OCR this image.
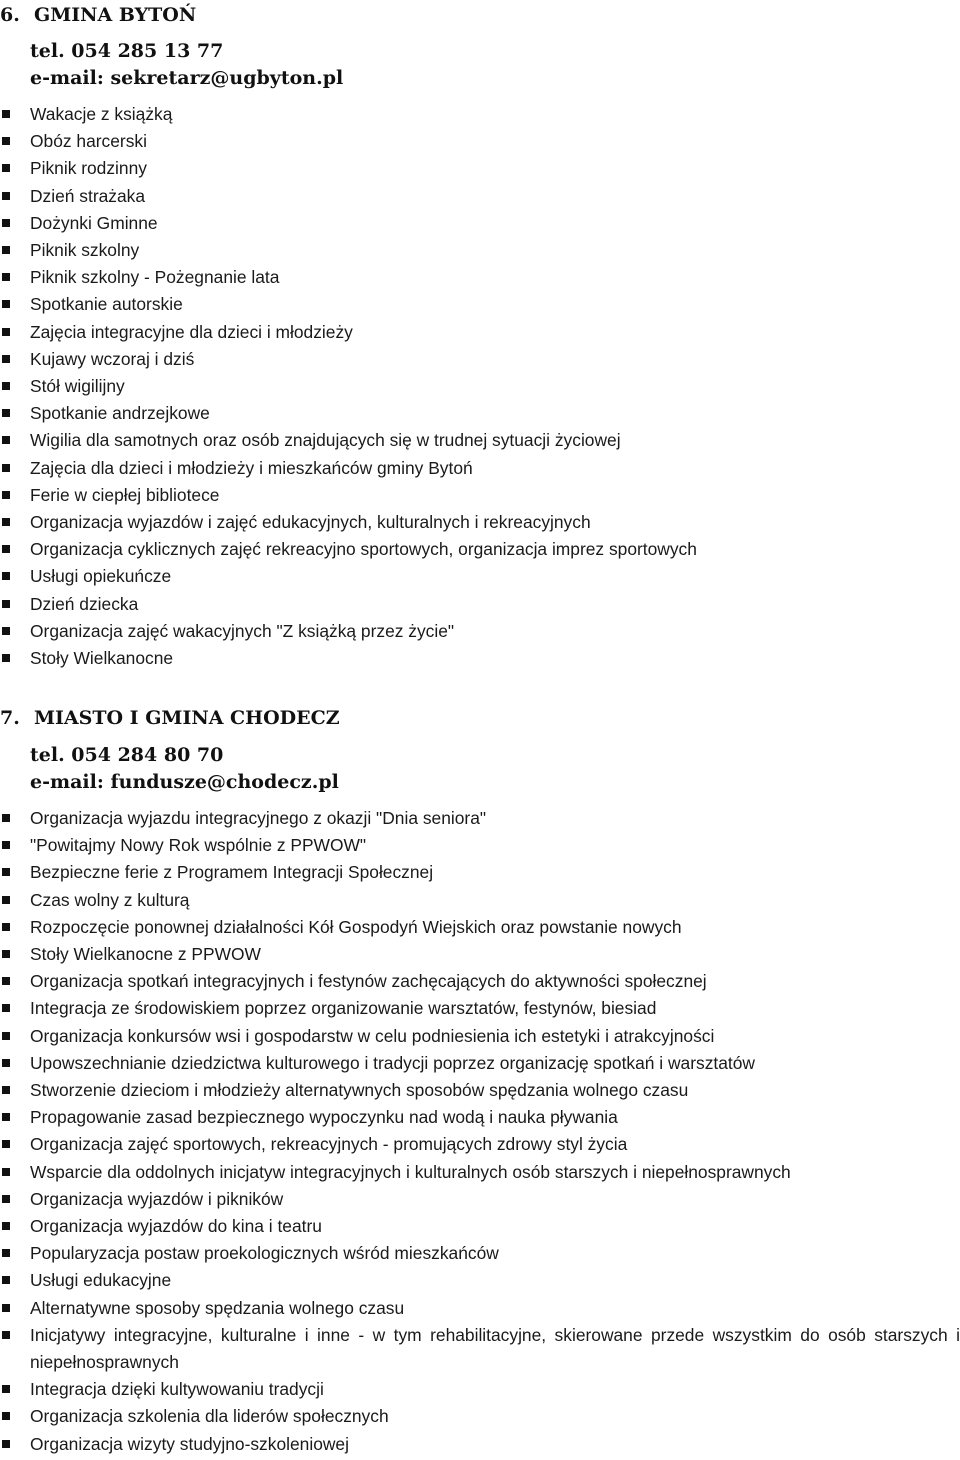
6. GMINA BYTOŃ
tel. 054 285 13 77
e-mail: sekretarz@ugbyton.pl
Wakacje z książką
Obóz harcerski
Piknik rodzinny
Dzień strażaka
Dożynki Gminne
Piknik szkolny
Piknik szkolny - Pożegnanie lata
Spotkanie autorskie
Zajęcia integracyjne dla dzieci i młodzieży
Kujawy wczoraj i dziś
Stół wigilijny
Spotkanie andrzejkowe
Wigilia dla samotnych oraz osób znajdujących się w trudnej sytuacji życiowej
Zajęcia dla dzieci i młodzieży i mieszkańców gminy Bytoń
Ferie w ciepłej bibliotece
Organizacja wyjazdów i zajęć edukacyjnych, kulturalnych i rekreacyjnych
Organizacja cyklicznych zajęć rekreacyjno sportowych, organizacja imprez sportowych
Usługi opiekuńcze
Dzień dziecka
Organizacja zajęć wakacyjnych "Z książką przez życie"
Stoły Wielkanocne
7. MIASTO I GMINA CHODECZ
tel. 054 284 80 70
e-mail: fundusze@chodecz.pl
Organizacja wyjazdu integracyjnego z okazji "Dnia seniora"
"Powitajmy Nowy Rok wspólnie z PPWOW"
Bezpieczne ferie z Programem Integracji Społecznej
Czas wolny z kulturą
Rozpoczęcie ponownej działalności Kół Gospodyń Wiejskich oraz powstanie nowych
Stoły Wielkanocne z PPWOW
Organizacja spotkań integracyjnych i festynów zachęcających do aktywności społecznej
Integracja ze środowiskiem poprzez organizowanie warsztatów, festynów, biesiad
Organizacja konkursów wsi i gospodarstw w celu podniesienia ich estetyki i atrakcyjności
Upowszechnianie dziedzictwa kulturowego i tradycji poprzez organizację spotkań i warsztatów
Stworzenie dzieciom i młodzieży alternatywnych sposobów spędzania wolnego czasu
Propagowanie zasad bezpiecznego wypoczynku nad wodą i nauka pływania
Organizacja zajęć sportowych, rekreacyjnych - promujących zdrowy styl życia
Wsparcie dla oddolnych inicjatyw integracyjnych i kulturalnych osób starszych i niepełnosprawnych
Organizacja wyjazdów i pikników
Organizacja wyjazdów do kina i teatru
Popularyzacja postaw proekologicznych wśród mieszkańców
Usługi edukacyjne
Alternatywne sposoby spędzania wolnego czasu
Inicjatywy integracyjne, kulturalne i inne - w tym rehabilitacyjne, skierowane przede wszystkim do osób starszych i niepełnosprawnych
Integracja dzięki kultywowaniu tradycji
Organizacja szkolenia dla liderów społecznych
Organizacja wizyty studyjno-szkoleniowej
